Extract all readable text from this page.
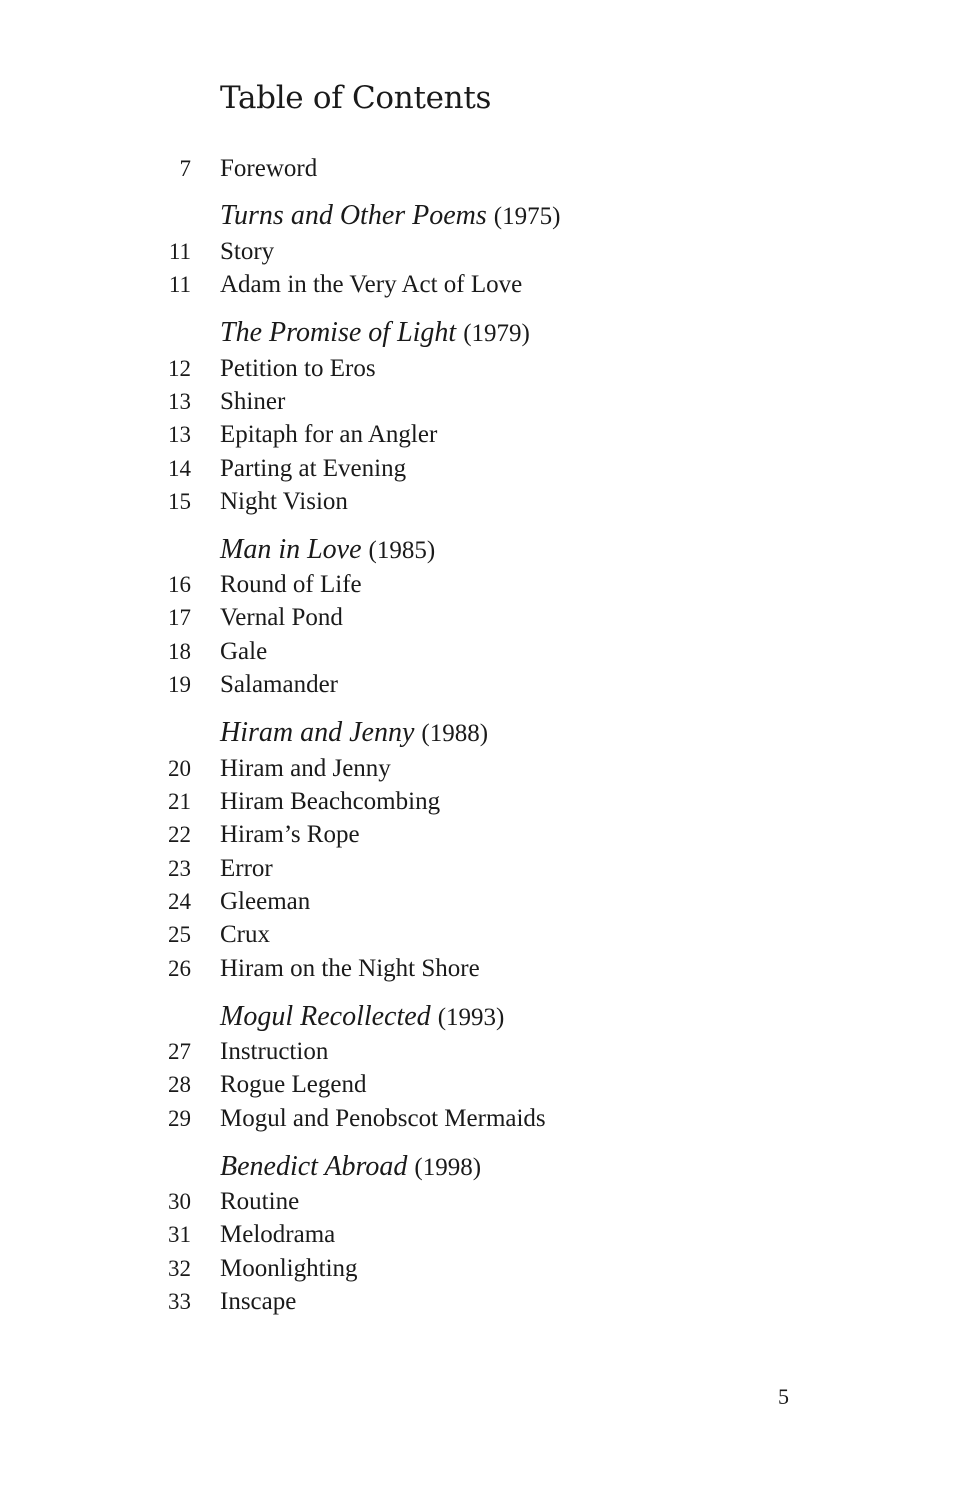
Table of Contents
7 Foreword
Turns and Other Poems (1975)
11 Story
11 Adam in the Very Act of Love
The Promise of Light (1979)
12 Petition to Eros
13 Shiner
13 Epitaph for an Angler
14 Parting at Evening
15 Night Vision
Man in Love (1985)
16 Round of Life
17 Vernal Pond
18 Gale
19 Salamander
Hiram and Jenny (1988)
20 Hiram and Jenny
21 Hiram Beachcombing
22 Hiram’s Rope
23 Error
24 Gleeman
25 Crux
26 Hiram on the Night Shore
Mogul Recollected (1993)
27 Instruction
28 Rogue Legend
29 Mogul and Penobscot Mermaids
Benedict Abroad (1998)
30 Routine
31 Melodrama
32 Moonlighting
33 Inscape
5
